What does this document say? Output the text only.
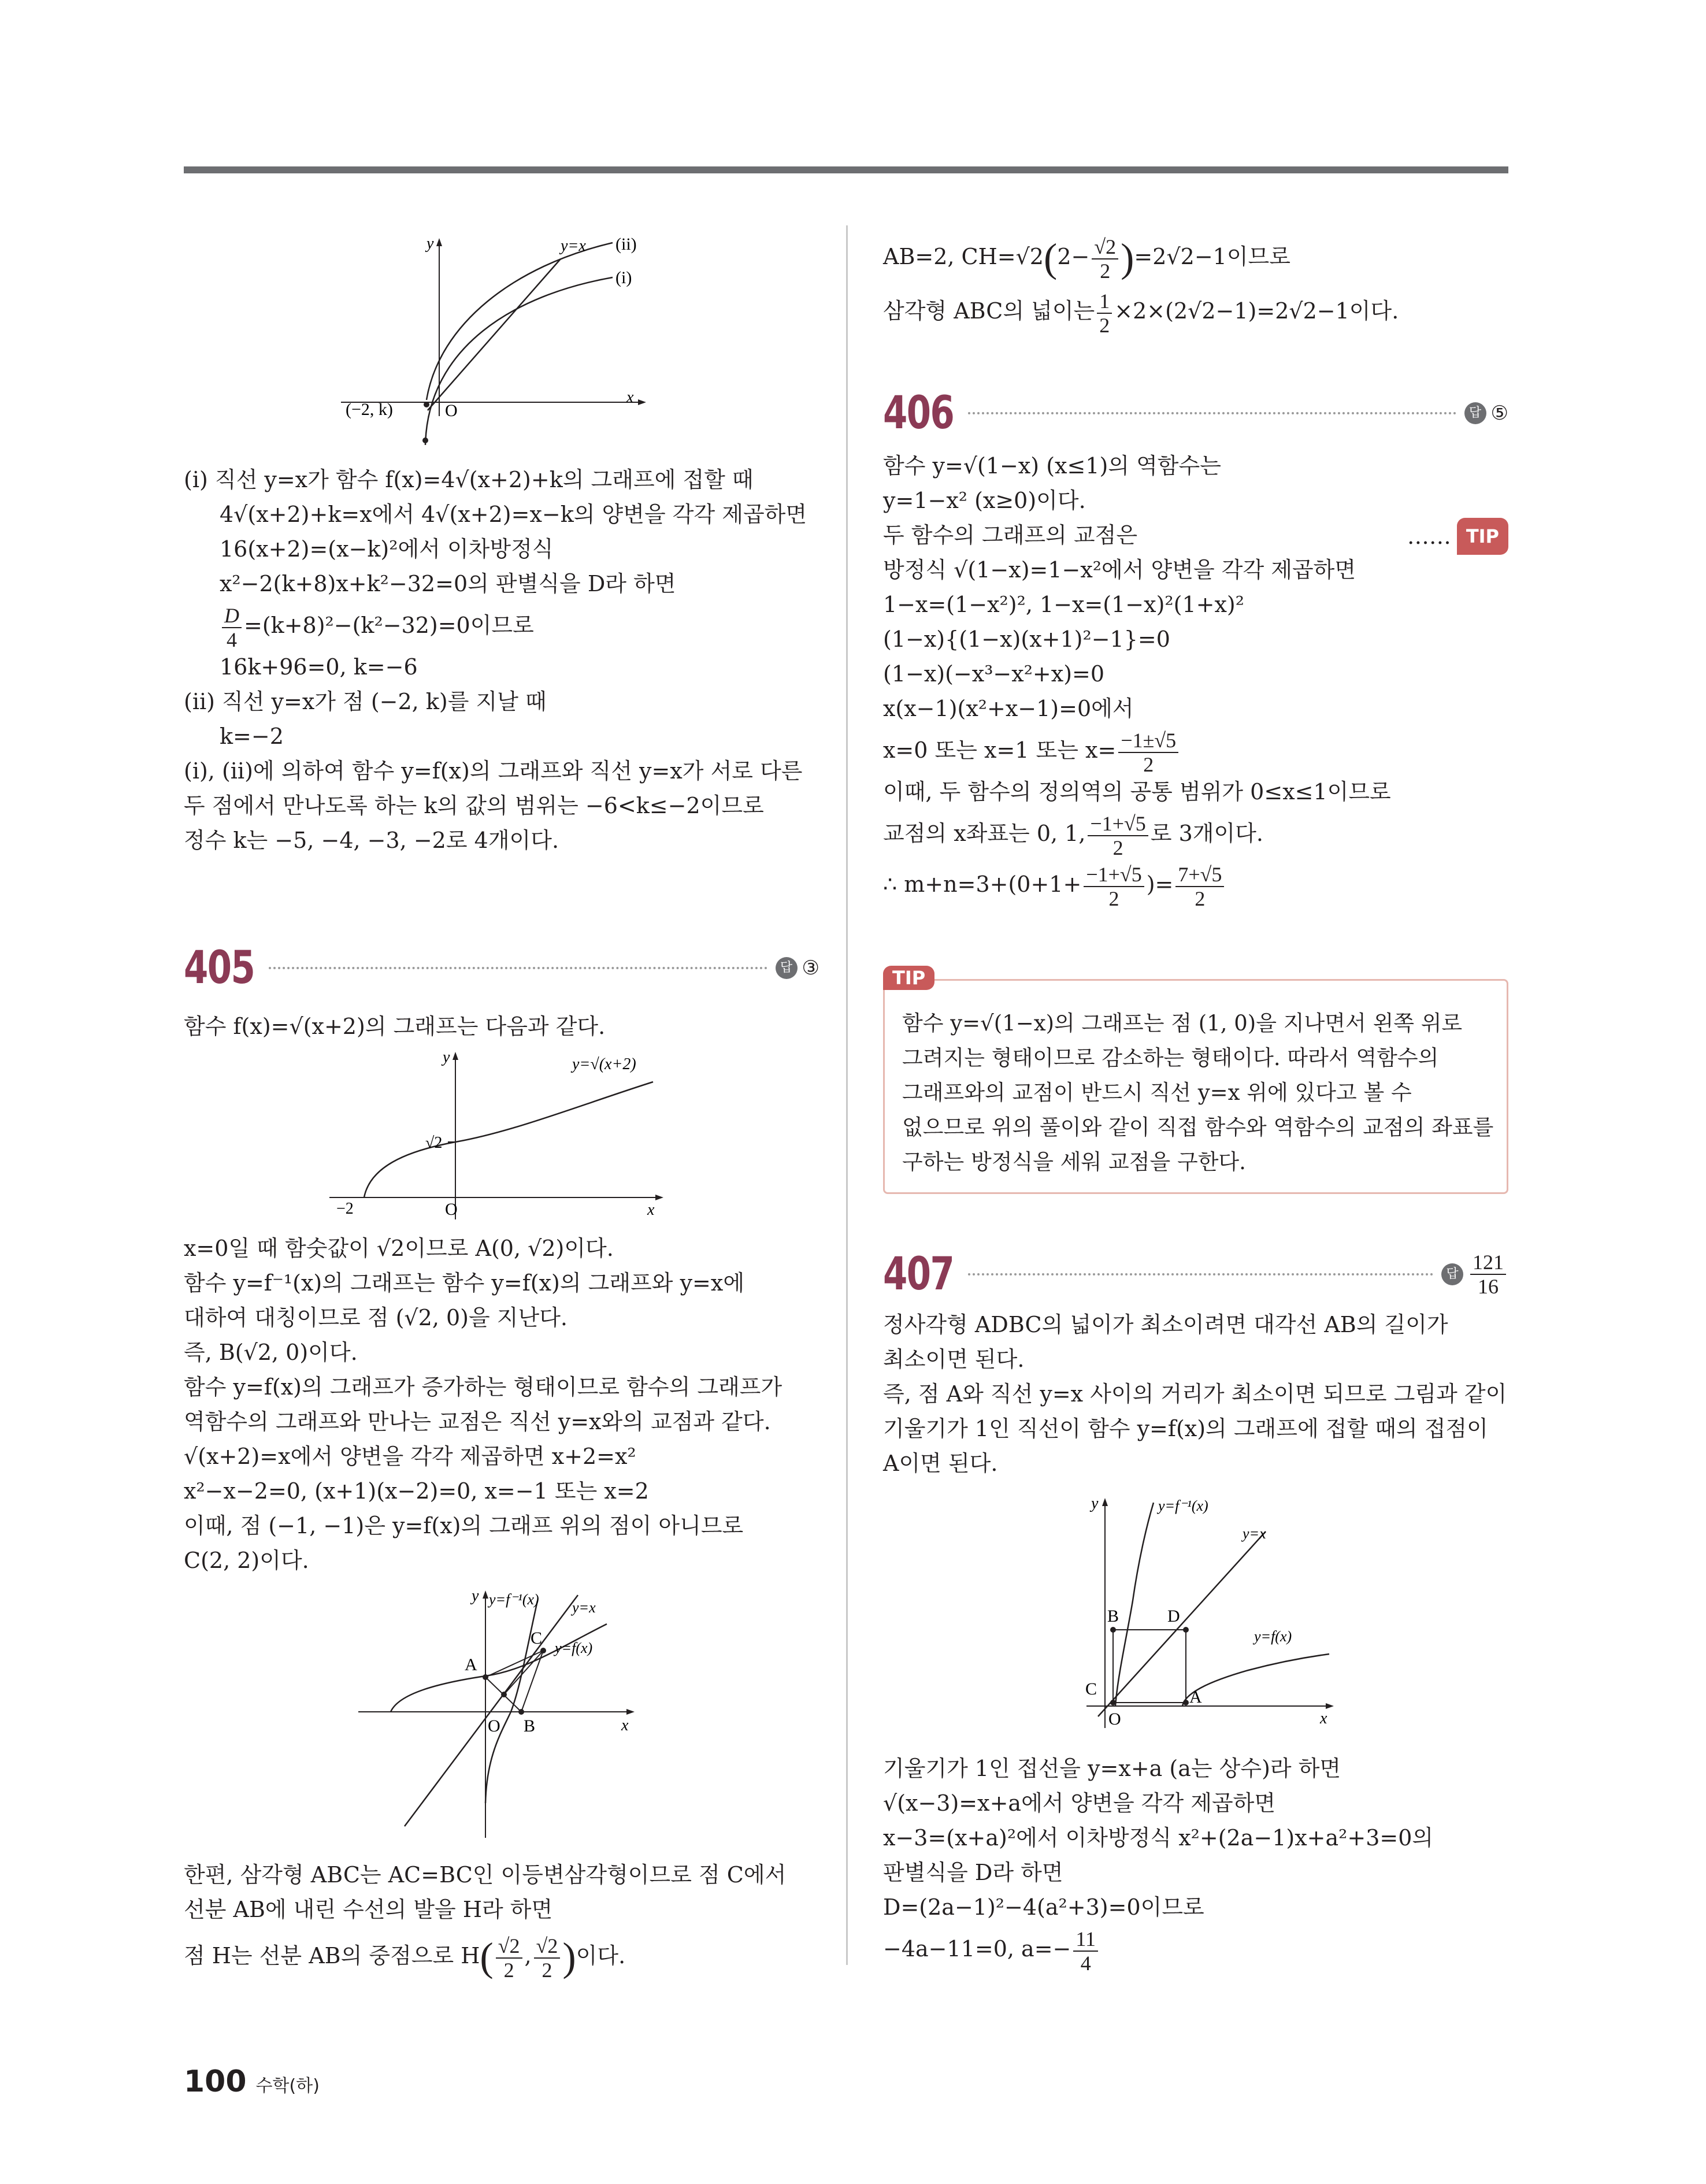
y
x
O
y=x (ii)
(i)
(−2, k)

(ⅰ) 직선 y=x가 함수 f(x)=4√(x+2)+k의 그래프에 접할 때

4√(x+2)+k=x에서 4√(x+2)=x−k의 양변을 각각 제곱하면

16(x+2)=(x−k)²에서 이차방정식

x²−2(k+8)x+k²−32=0의 판별식을 D라 하면

$\frac{D}{4} =(k+8)^2-(k^2-32)=0$이므로

16k+96=0, k=−6

(ⅱ) 직선 y=x가 점 (−2, k)를 지날 때

k=−2

(ⅰ), (ⅱ)에 의하여 함수 y=f(x)의 그래프와 직선 y=x가 서로 다른

두 점에서 만나도록 하는 k의 값의 범위는 −6<k≤−2이므로

정수 k는 −5, −4, −3, −2로 4개이다.

405	답 ③

함수 f(x)=√(x+2)의 그래프는 다음과 같다.

y
x
O
y=√(x+2)
√2
−2

x=0일 때 함숫값이 √2이므로 A(0, √2)이다.

함수 y=f⁻¹(x)의 그래프는 함수 y=f(x)의 그래프와 y=x에

대하여 대칭이므로 점 (√2, 0)을 지난다.

즉, B(√2, 0)이다.

함수 y=f(x)의 그래프가 증가하는 형태이므로 함수의 그래프가

역함수의 그래프와 만나는 교점은 직선 y=x와의 교점과 같다.

√(x+2)=x에서 양변을 각각 제곱하면 x+2=x²

x²−x−2=0, (x+1)(x−2)=0, x=−1 또는 x=2

이때, 점 (−1, −1)은 y=f(x)의 그래프 위의 점이 아니므로

C(2, 2)이다.

y
x
O
y=f⁻¹(x) y=x
y=f(x)
A
B
C

한편, 삼각형 ABC는 AC=BC인 이등변삼각형이므로 점 C에서

선분 AB에 내린 수선의 발을 H라 하면

점 H는 선분 AB의 중점으로 $H( \frac{√2}{2}$ , $\frac{√2}{2}$ )이다.

AB=2, $CH=√2(2- \frac{√2}{2} )=2√2-1$이므로

삼각형 ABC의 넓이는 $\frac{1}{2} \times 2\times(2√2-1)=2√2-1$이다.

406	답 ⑤

함수 y=√(1−x) (x≤1)의 역함수는

y=1−x² (x≥0)이다.

두 함수의 그래프의 교점은	…… TIP

방정식 √(1−x)=1−x²에서 양변을 각각 제곱하면

1−x=(1−x²)², 1−x=(1−x)²(1+x)²

(1−x){(1−x)(x+1)²−1}=0

(1−x)(−x³−x²+x)=0

x(x−1)(x²+x−1)=0에서

x=0 또는 x=1 또는 $x= \frac{-1\pm√5}{2}$

이때, 두 함수의 정의역의 공통 범위가 0≤x≤1이므로

교점의 x좌표는 0, 1, $\frac{-1+√5}{2}$ 로 3개이다.

∴ $m+n=3+(0+1+ \frac{-1+√5}{2}$ )= $\frac{7+√5}{2}$

TIP

함수 y=√(1−x)의 그래프는 점 (1, 0)을 지나면서 왼쪽 위로

그려지는 형태이므로 감소하는 형태이다. 따라서 역함수의

그래프와의 교점이 반드시 직선 y=x 위에 있다고 볼 수

없으므로 위의 풀이와 같이 직접 함수와 역함수의 교점의 좌표를

구하는 방정식을 세워 교점을 구한다.

407	답 $\frac{121}{16}$

정사각형 ADBC의 넓이가 최소이려면 대각선 AB의 길이가

최소이면 된다.

즉, 점 A와 직선 y=x 사이의 거리가 최소이면 되므로 그림과 같이

기울기가 1인 직선이 함수 y=f(x)의 그래프에 접할 때의 접점이

A이면 된다.

y
x
O
y=f⁻¹(x)
y=x
y=f(x)
A
B
C
D

기울기가 1인 접선을 y=x+a (a는 상수)라 하면

√(x−3)=x+a에서 양변을 각각 제곱하면

x−3=(x+a)²에서 이차방정식 x²+(2a−1)x+a²+3=0의

판별식을 D라 하면

D=(2a−1)²−4(a²+3)=0이므로

−4a−11=0, $a=- \frac{11}{4}$

100 수학(하)
